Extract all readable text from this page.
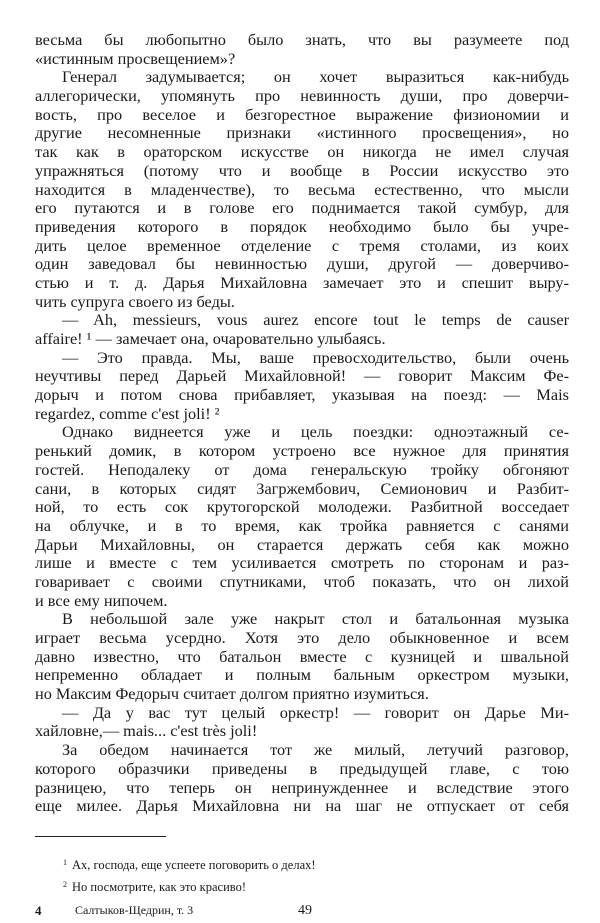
весьма бы любопытно было знать, что вы разумеете под
«истинным просвещением»?
Генерал задумывается; он хочет выразиться как-нибудь
аллегорически, упомянуть про невинность души, про доверчи-
вость, про веселое и безгорестное выражение физиономии и
другие несомненные признаки «истинного просвещения», но
так как в ораторском искусстве он никогда не имел случая
упражняться (потому что и вообще в России искусство это
находится в младенчестве), то весьма естественно, что мысли
его путаются и в голове его поднимается такой сумбур, для
приведения которого в порядок необходимо было бы учре-
дить целое временное отделение с тремя столами, из коих
один заведовал бы невинностью души, другой — доверчиво-
стью и т. д. Дарья Михайловна замечает это и спешит выру-
чить супруга своего из беды.
— Ah, messieurs, vous aurez encore tout le temps de causer
affaire! ¹ — замечает она, очаровательно улыбаясь.
— Это правда. Мы, ваше превосходительство, были очень
неучтивы перед Дарьей Михайловной! — говорит Максим Фе-
дорыч и потом снова прибавляет, указывая на поезд: — Mais
regardez, comme c'est joli! ²
Однако виднеется уже и цель поездки: одноэтажный се-
ренький домик, в котором устроено все нужное для принятия
гостей. Неподалеку от дома генеральскую тройку обгоняют
сани, в которых сидят Загржембович, Семионович и Разбит-
ной, то есть сок крутогорской молодежи. Разбитной восседает
на облучке, и в то время, как тройка равняется с санями
Дарьи Михайловны, он старается держать себя как можно
лише и вместе с тем усиливается смотреть по сторонам и раз-
говаривает с своими спутниками, чтоб показать, что он лихой
и все ему нипочем.
В небольшой зале уже накрыт стол и батальонная музыка
играет весьма усердно. Хотя это дело обыкновенное и всем
давно известно, что батальон вместе с кузницей и швальной
непременно обладает и полным бальным оркестром музыки,
но Максим Федорыч считает долгом приятно изумиться.
— Да у вас тут целый оркестр! — говорит он Дарье Ми-
хайловне,— mais... c'est très joli!
За обедом начинается тот же милый, летучий разговор,
которого образчики приведены в предыдущей главе, с тою
разницею, что теперь он непринужденнее и вследствие этого
еще милее. Дарья Михайловна ни на шаг не отпускает от себя
$^1$ Ах, господа, еще успеете поговорить о делах!
$^2$ Но посмотрите, как это красиво!
4	Салтыков-Щедрин, т. 3	49
